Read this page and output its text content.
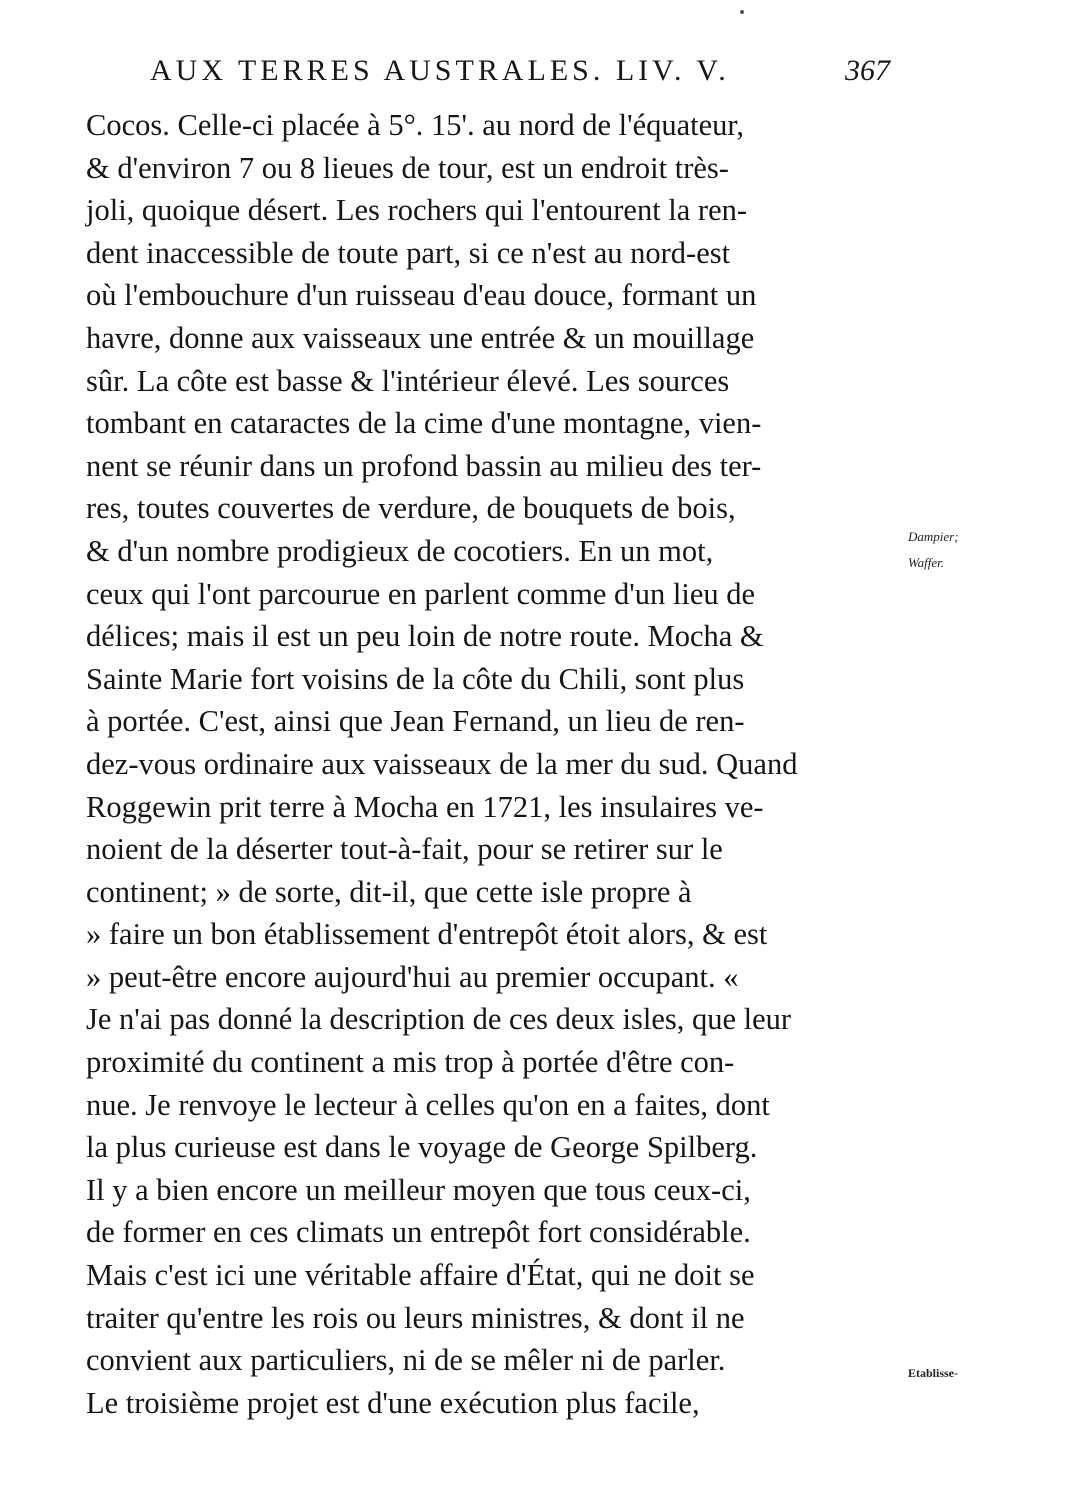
AUX TERRES AUSTRALES. LIV. V.	367
Cocos. Celle-ci placée à 5°. 15'. au nord de l'équateur,
& d'environ 7 ou 8 lieues de tour, est un endroit très-
joli, quoique désert. Les rochers qui l'entourent la ren-
dent inaccessible de toute part, si ce n'est au nord-est
où l'embouchure d'un ruisseau d'eau douce, formant un
havre, donne aux vaisseaux une entrée & un mouillage
sûr. La côte est basse & l'intérieur élevé. Les sources
tombant en cataractes de la cime d'une montagne, vien-
nent se réunir dans un profond bassin au milieu des ter-
res, toutes couvertes de verdure, de bouquets de bois,
& d'un nombre prodigieux de cocotiers. En un mot,
ceux qui l'ont parcourue en parlent comme d'un lieu de
délices; mais il est un peu loin de notre route. Mocha &
Sainte Marie fort voisins de la côte du Chili, sont plus
à portée. C'est, ainsi que Jean Fernand, un lieu de ren-
dez-vous ordinaire aux vaisseaux de la mer du sud. Quand
Roggewin prit terre à Mocha en 1721, les insulaires ve-
noient de la déserter tout-à-fait, pour se retirer sur le
continent; » de sorte, dit-il, que cette isle propre à
» faire un bon établissement d'entrepôt étoit alors, & est
» peut-être encore aujourd'hui au premier occupant. «
Je n'ai pas donné la description de ces deux isles, que leur
proximité du continent a mis trop à portée d'être con-
nue. Je renvoye le lecteur à celles qu'on en a faites, dont
la plus curieuse est dans le voyage de George Spilberg.
Il y a bien encore un meilleur moyen que tous ceux-ci,
de former en ces climats un entrepôt fort considérable.
Mais c'est ici une véritable affaire d'État, qui ne doit se
traiter qu'entre les rois ou leurs ministres, & dont il ne
convient aux particuliers, ni de se mêler ni de parler.
Le troisième projet est d'une exécution plus facile,
Dampier;
Waffer.
Etablisse-
